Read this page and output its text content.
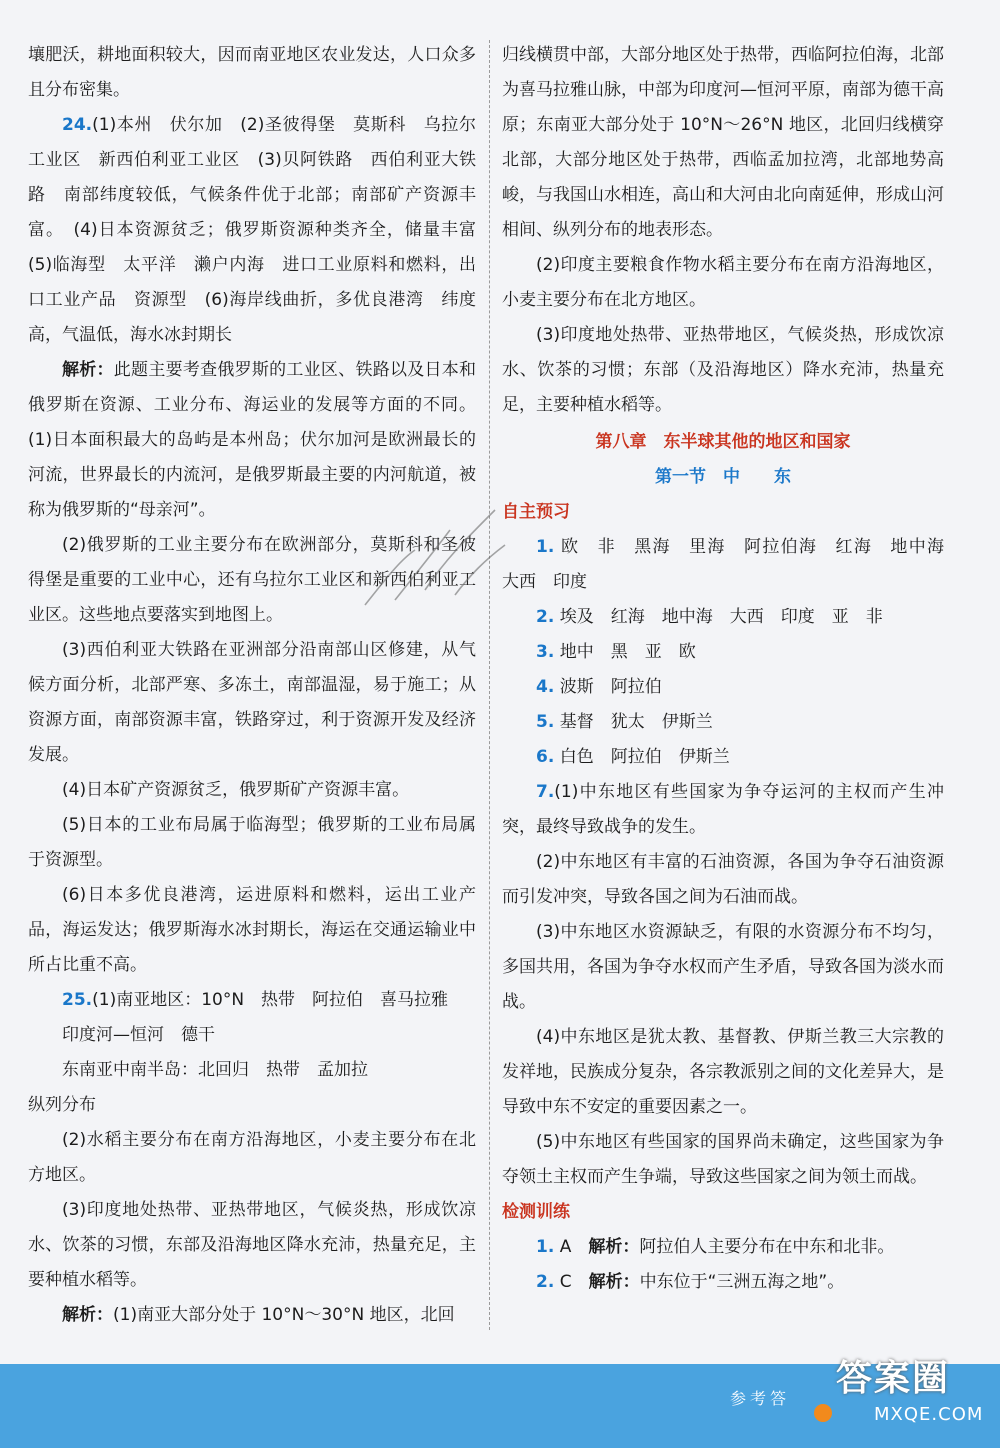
壤肥沃，耕地面积较大，因而南亚地区农业发达，人口众多且分布密集。

24.(1)本州　伏尔加　(2)圣彼得堡　莫斯科　乌拉尔工业区　新西伯利亚工业区　(3)贝阿铁路　西伯利亚大铁路　南部纬度较低，气候条件优于北部；南部矿产资源丰富。　(4)日本资源贫乏；俄罗斯资源种类齐全，储量丰富　(5)临海型　太平洋　濑户内海　进口工业原料和燃料，出口工业产品　资源型　(6)海岸线曲折，多优良港湾　纬度高，气温低，海水冰封期长

解析：此题主要考查俄罗斯的工业区、铁路以及日本和俄罗斯在资源、工业分布、海运业的发展等方面的不同。(1)日本面积最大的岛屿是本州岛；伏尔加河是欧洲最长的河流，世界最长的内流河，是俄罗斯最主要的内河航道，被称为俄罗斯的“母亲河”。

(2)俄罗斯的工业主要分布在欧洲部分，莫斯科和圣彼得堡是重要的工业中心，还有乌拉尔工业区和新西伯利亚工业区。这些地点要落实到地图上。

(3)西伯利亚大铁路在亚洲部分沿南部山区修建，从气候方面分析，北部严寒、多冻土，南部温湿，易于施工；从资源方面，南部资源丰富，铁路穿过，利于资源开发及经济发展。

(4)日本矿产资源贫乏，俄罗斯矿产资源丰富。

(5)日本的工业布局属于临海型；俄罗斯的工业布局属于资源型。

(6)日本多优良港湾，运进原料和燃料，运出工业产品，海运发达；俄罗斯海水冰封期长，海运在交通运输业中所占比重不高。

25.(1)南亚地区：10°N　热带　阿拉伯　喜马拉雅

印度河—恒河　德干

东南亚中南半岛：北回归　热带　孟加拉

纵列分布

(2)水稻主要分布在南方沿海地区，小麦主要分布在北方地区。

(3)印度地处热带、亚热带地区，气候炎热，形成饮凉水、饮茶的习惯，东部及沿海地区降水充沛，热量充足，主要种植水稻等。

解析：(1)南亚大部分处于 10°N～30°N 地区，北回

归线横贯中部，大部分地区处于热带，西临阿拉伯海，北部为喜马拉雅山脉，中部为印度河—恒河平原，南部为德干高原；东南亚大部分处于 10°N～26°N 地区，北回归线横穿北部，大部分地区处于热带，西临孟加拉湾，北部地势高峻，与我国山水相连，高山和大河由北向南延伸，形成山河相间、纵列分布的地表形态。

(2)印度主要粮食作物水稻主要分布在南方沿海地区，小麦主要分布在北方地区。

(3)印度地处热带、亚热带地区，气候炎热，形成饮凉水、饮茶的习惯；东部（及沿海地区）降水充沛，热量充足，主要种植水稻等。

第八章　东半球其他的地区和国家

第一节　中　　东

自主预习

1. 欧　非　黑海　里海　阿拉伯海　红海　地中海　大西　印度

2. 埃及　红海　地中海　大西　印度　亚　非

3. 地中　黑　亚　欧

4. 波斯　阿拉伯

5. 基督　犹太　伊斯兰

6. 白色　阿拉伯　伊斯兰

7.(1)中东地区有些国家为争夺运河的主权而产生冲突，最终导致战争的发生。

(2)中东地区有丰富的石油资源，各国为争夺石油资源而引发冲突，导致各国之间为石油而战。

(3)中东地区水资源缺乏，有限的水资源分布不均匀，多国共用，各国为争夺水权而产生矛盾，导致各国为淡水而战。

(4)中东地区是犹太教、基督教、伊斯兰教三大宗教的发祥地，民族成分复杂，各宗教派别之间的文化差异大，是导致中东不安定的重要因素之一。

(5)中东地区有些国家的国界尚未确定，这些国家为争夺领土主权而产生争端，导致这些国家之间为领土而战。

检测训练

1. A　 解析：阿拉伯人主要分布在中东和北非。

2. C　 解析：中东位于“三洲五海之地”。

参考答 答案圈
MXQE.COM
